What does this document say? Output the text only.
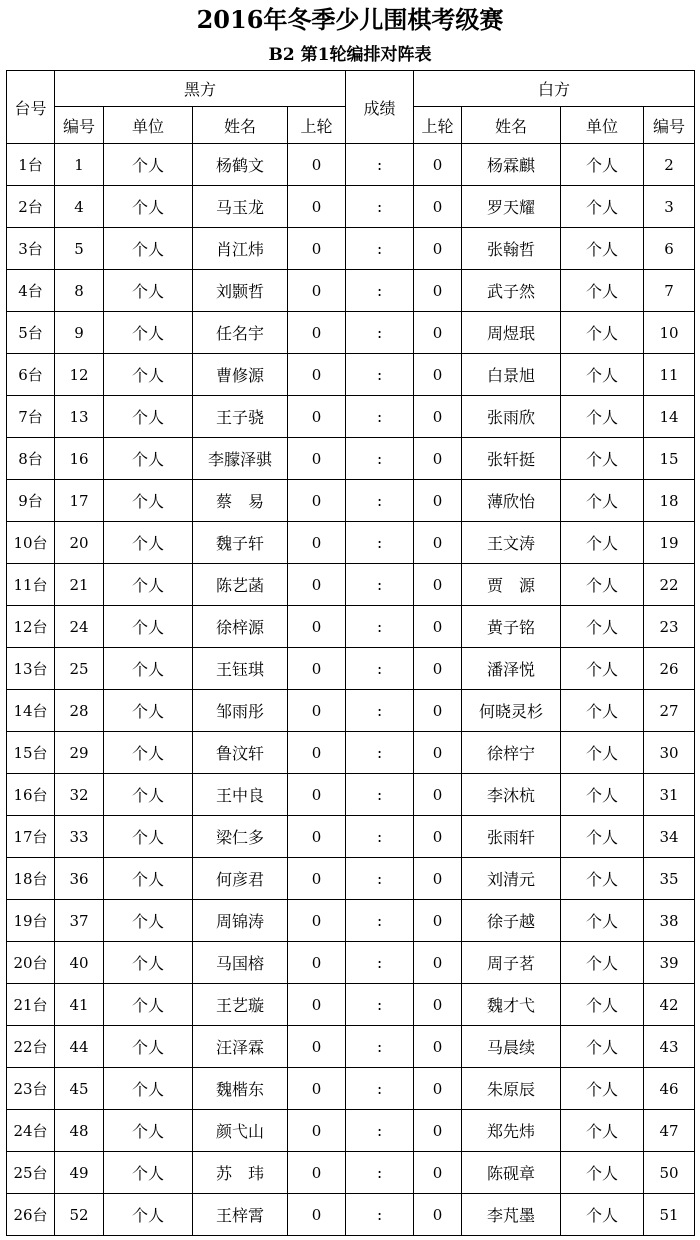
2016年冬季少儿围棋考级赛
B2 第1轮编排对阵表
台号	黑方				成绩	白方			
	编号	单位	姓名	上轮		上轮	姓名	单位	编号
1台	1	个人	杨鹤文	0	:	0	杨霖麒	个人	2
2台	4	个人	马玉龙	0	:	0	罗天耀	个人	3
3台	5	个人	肖江炜	0	:	0	张翰哲	个人	6
4台	8	个人	刘颢哲	0	:	0	武子然	个人	7
5台	9	个人	任名宇	0	:	0	周煜珉	个人	10
6台	12	个人	曹修源	0	:	0	白景旭	个人	11
7台	13	个人	王子骁	0	:	0	张雨欣	个人	14
8台	16	个人	李朦泽骐	0	:	0	张轩挺	个人	15
9台	17	个人	蔡　易	0	:	0	薄欣怡	个人	18
10台	20	个人	魏子轩	0	:	0	王文涛	个人	19
11台	21	个人	陈艺菡	0	:	0	贾　源	个人	22
12台	24	个人	徐梓源	0	:	0	黄子铭	个人	23
13台	25	个人	王钰琪	0	:	0	潘泽悦	个人	26
14台	28	个人	邹雨彤	0	:	0	何晓灵杉	个人	27
15台	29	个人	鲁汶轩	0	:	0	徐梓宁	个人	30
16台	32	个人	王中良	0	:	0	李沐杭	个人	31
17台	33	个人	梁仁多	0	:	0	张雨轩	个人	34
18台	36	个人	何彦君	0	:	0	刘清元	个人	35
19台	37	个人	周锦涛	0	:	0	徐子越	个人	38
20台	40	个人	马国榕	0	:	0	周子茗	个人	39
21台	41	个人	王艺璇	0	:	0	魏才弋	个人	42
22台	44	个人	汪泽霖	0	:	0	马晨续	个人	43
23台	45	个人	魏楷东	0	:	0	朱原辰	个人	46
24台	48	个人	颜弋山	0	:	0	郑先炜	个人	47
25台	49	个人	苏　玮	0	:	0	陈砚章	个人	50
26台	52	个人	王梓霄	0	:	0	李芃墨	个人	51
